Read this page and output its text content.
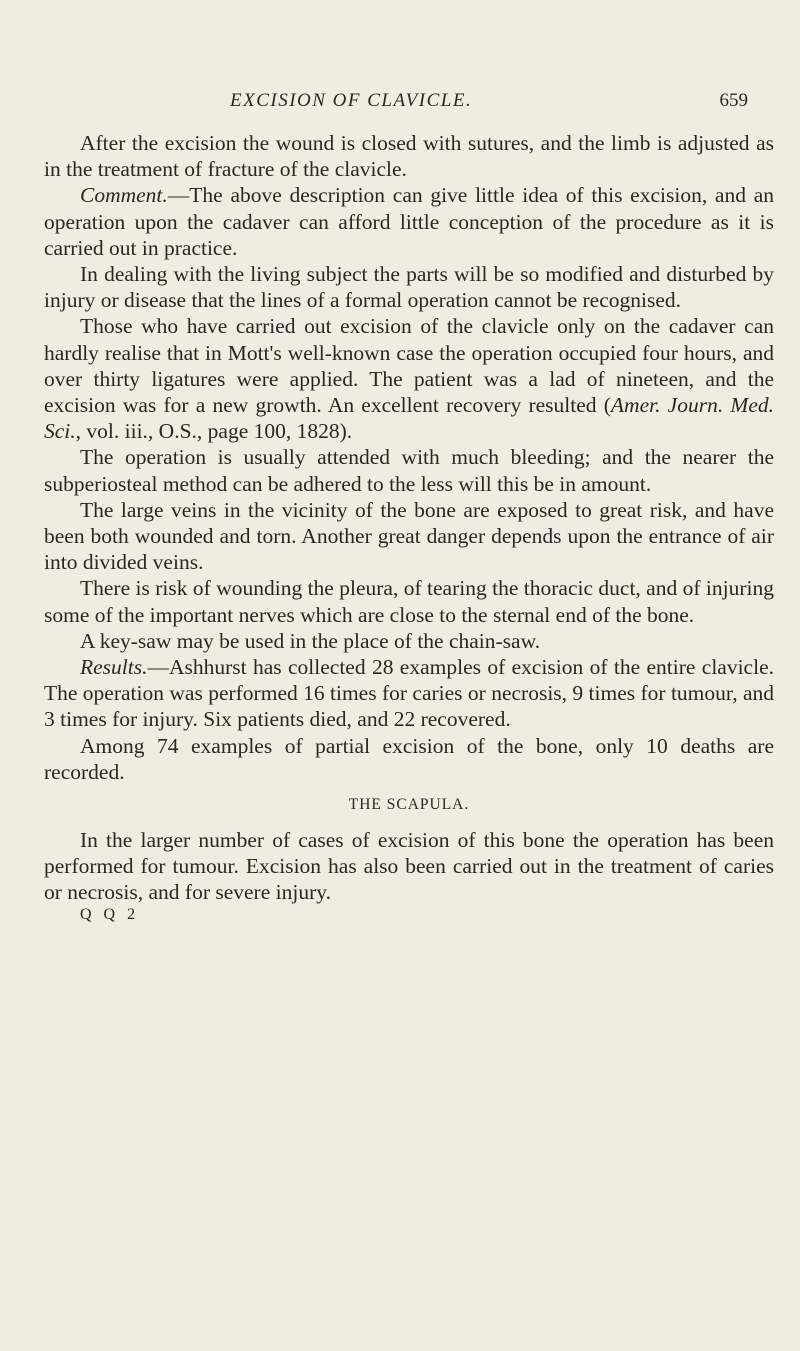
EXCISION OF CLAVICLE.	659

After the excision the wound is closed with sutures, and the limb is adjusted as in the treatment of fracture of the clavicle.

Comment.—The above description can give little idea of this excision, and an operation upon the cadaver can afford little conception of the procedure as it is carried out in practice.

In dealing with the living subject the parts will be so modified and disturbed by injury or disease that the lines of a formal operation cannot be recognised.

Those who have carried out excision of the clavicle only on the cadaver can hardly realise that in Mott's well-known case the operation occupied four hours, and over thirty ligatures were applied. The patient was a lad of nineteen, and the excision was for a new growth. An excellent recovery resulted (Amer. Journ. Med. Sci., vol. iii., O.S., page 100, 1828).

The operation is usually attended with much bleeding; and the nearer the subperiosteal method can be adhered to the less will this be in amount.

The large veins in the vicinity of the bone are exposed to great risk, and have been both wounded and torn. Another great danger depends upon the entrance of air into divided veins.

There is risk of wounding the pleura, of tearing the thoracic duct, and of injuring some of the important nerves which are close to the sternal end of the bone.

A key-saw may be used in the place of the chain-saw.

Results.—Ashhurst has collected 28 examples of excision of the entire clavicle. The operation was performed 16 times for caries or necrosis, 9 times for tumour, and 3 times for injury. Six patients died, and 22 recovered.

Among 74 examples of partial excision of the bone, only 10 deaths are recorded.

THE SCAPULA.

In the larger number of cases of excision of this bone the operation has been performed for tumour. Excision has also been carried out in the treatment of caries or necrosis, and for severe injury.

Q Q 2
